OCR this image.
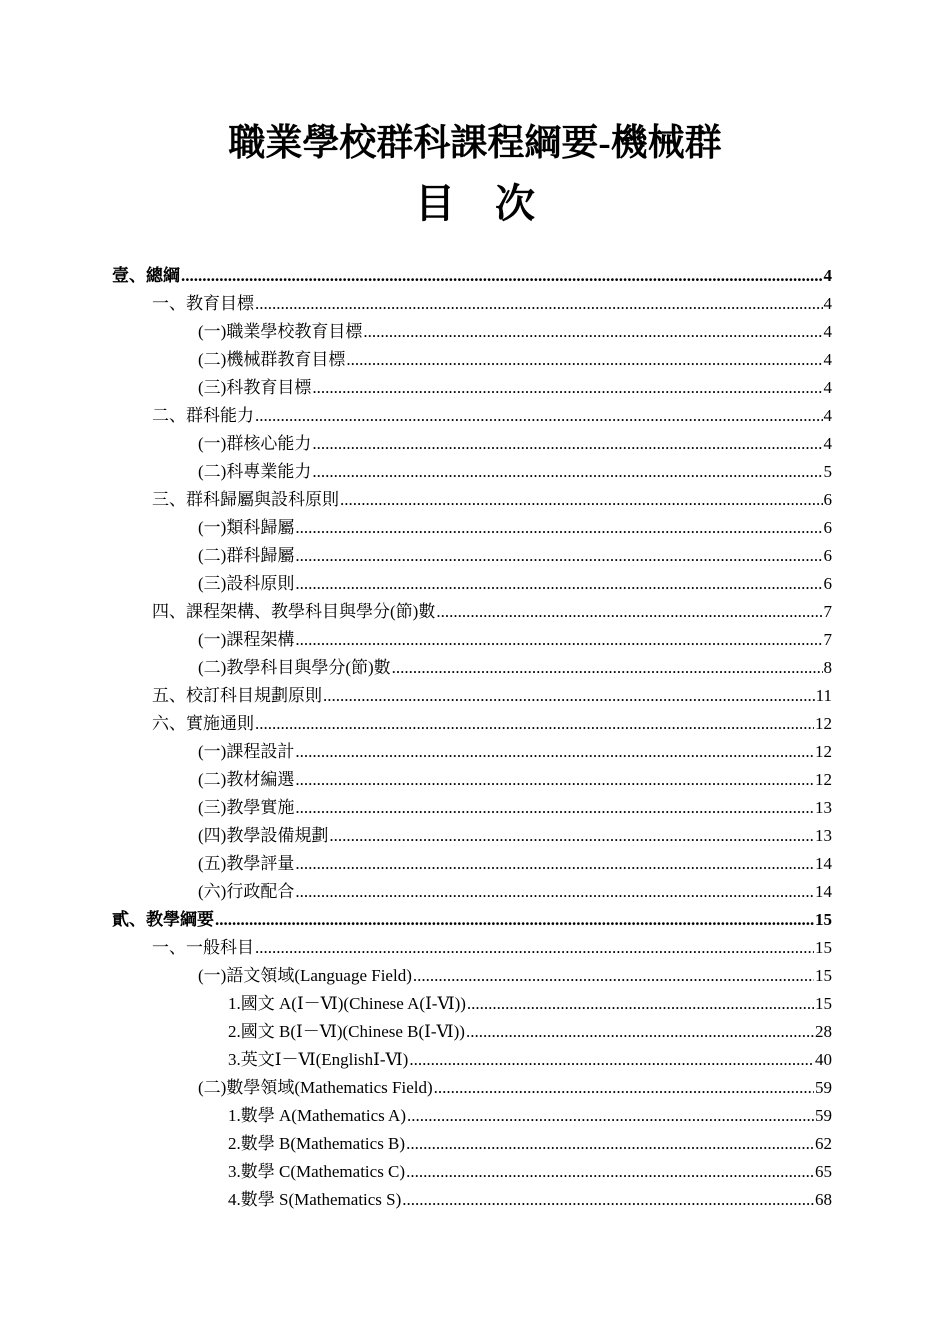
職業學校群科課程綱要-機械群
目　次
壹、總綱 .....	4
一、教育目標 .....	4
(一)職業學校教育目標 .....	4
(二)機械群教育目標 .....	4
(三)科教育目標 .....	4
二、群科能力 .....	4
(一)群核心能力 .....	4
(二)科專業能力 .....	5
三、群科歸屬與設科原則 .....	6
(一)類科歸屬 .....	6
(二)群科歸屬 .....	6
(三)設科原則 .....	6
四、課程架構、教學科目與學分(節)數 .....	7
(一)課程架構 .....	7
(二)教學科目與學分(節)數 .....	8
五、校訂科目規劃原則 .....	11
六、實施通則 .....	12
(一)課程設計 .....	12
(二)教材編選 .....	12
(三)教學實施 .....	13
(四)教學設備規劃 .....	13
(五)教學評量 .....	14
(六)行政配合 .....	14
貳、教學綱要 .....	15
一、一般科目 .....	15
(一)語文領域(Language Field) .....	15
1.國文 A(Ⅰ－Ⅵ)(Chinese A(Ⅰ-Ⅵ)) .....	15
2.國文 B(Ⅰ－Ⅵ)(Chinese B(Ⅰ-Ⅵ)) .....	28
3.英文Ⅰ－Ⅵ(EnglishⅠ-Ⅵ) .....	40
(二)數學領域(Mathematics Field) .....	59
1.數學 A(Mathematics A) .....	59
2.數學 B(Mathematics B) .....	62
3.數學 C(Mathematics C) .....	65
4.數學 S(Mathematics S) .....	68
